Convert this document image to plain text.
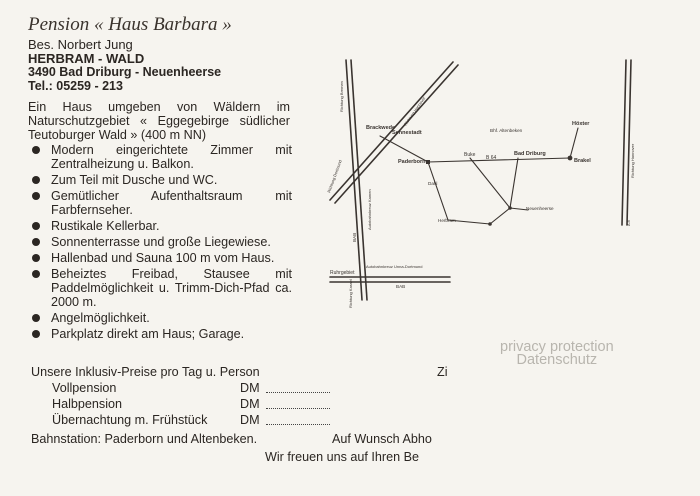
Pension « Haus Barbara »
Bes. Norbert Jung
HERBRAM - WALD
3490 Bad Driburg - Neuenheerse
Tel.: 05259 - 213
Ein Haus umgeben von Wäldern im Naturschutzgebiet « Eggegebirge südlicher Teutoburger Wald » (400 m NN)
Modern eingerichtete Zimmer mit Zentralheizung u. Balkon.
Zum Teil mit Dusche und WC.
Gemütlicher Aufenthaltsraum mit Farbfernseher.
Rustikale Kellerbar.
Sonnenterrasse und große Liegewiese.
Hallenbad und Sauna 100 m vom Haus.
Beheiztes Freibad, Stausee mit Paddelmöglichkeit u. Trimm-Dich-Pfad ca. 2000 m.
Angelmöglichkeit.
Parkplatz direkt am Haus; Garage.
Unsere Inklusiv-Preise pro Tag u. Person	Zi
Vollpension	DM
Halbpension	DM
Übernachtung m. Frühstück	DM
Bahnstation: Paderborn und Altenbeken.	Auf Wunsch Abho
Wir freuen uns auf Ihren Be
privacy protection
Datenschutz
Brackwede
Sennestadt
Paderborn
Buke B 64
Bad Driburg
Höxter
Brakel
Bhf. Altenbeken
Dahl
Herbram
Neuenheerse
Ruhrgebiet
BAB
Autobahnkreuz Unna-Dortmund
BAB
Autobahnkreuz Kamen
Richtung Bremen	Richtung Hannover
Richtung Dortmund
Richtung Kassel
Richtung Hannover
A 8
